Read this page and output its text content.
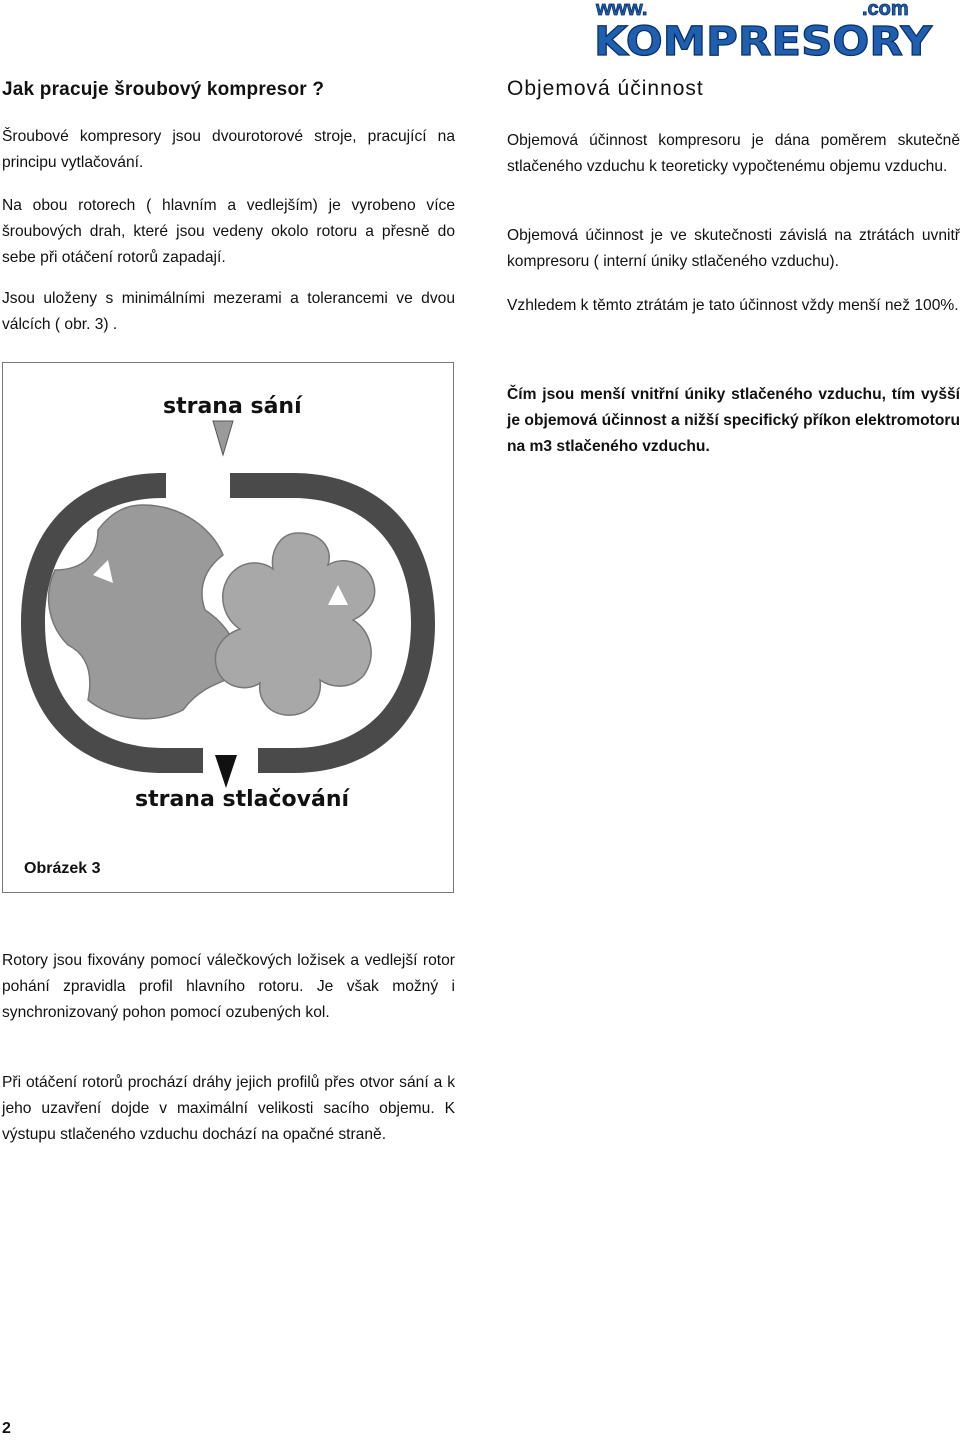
www.	.com
KOMPRESORY
Jak pracuje šroubový kompresor ?

Šroubové kompresory jsou dvourotorové stroje, pracující na principu vytlačování.

Na obou rotorech ( hlavním a vedlejším) je vyrobeno více šroubových drah, které jsou vedeny okolo rotoru a přesně do sebe při otáčení rotorů zapadají.

Jsou uloženy s minimálními mezerami a tolerancemi ve dvou válcích ( obr. 3) .

Objemová účinnost

Objemová účinnost kompresoru je dána poměrem skutečně stlačeného vzduchu k teoreticky vypočtenému objemu vzduchu.

Objemová účinnost je ve skutečnosti závislá na ztrátách uvnitř kompresoru ( interní úniky stlačeného vzduchu).

Vzhledem k těmto ztrátám je tato účinnost vždy menší než 100%.

Čím jsou menší vnitřní úniky stlačeného vzduchu, tím vyšší je objemová účinnost a nižší specifický příkon elektromotoru na m3 stlačeného vzduchu.

strana sání
strana stlačování
Obrázek 3

Rotory jsou fixovány pomocí válečkových ložisek a vedlejší rotor pohání zpravidla profil hlavního rotoru. Je však možný i synchronizovaný pohon pomocí ozubených kol.

Při otáčení rotorů prochází dráhy jejich profilů přes otvor sání a k jeho uzavření dojde v maximální velikosti sacího objemu. K výstupu stlačeného vzduchu dochází na opačné straně.

2
